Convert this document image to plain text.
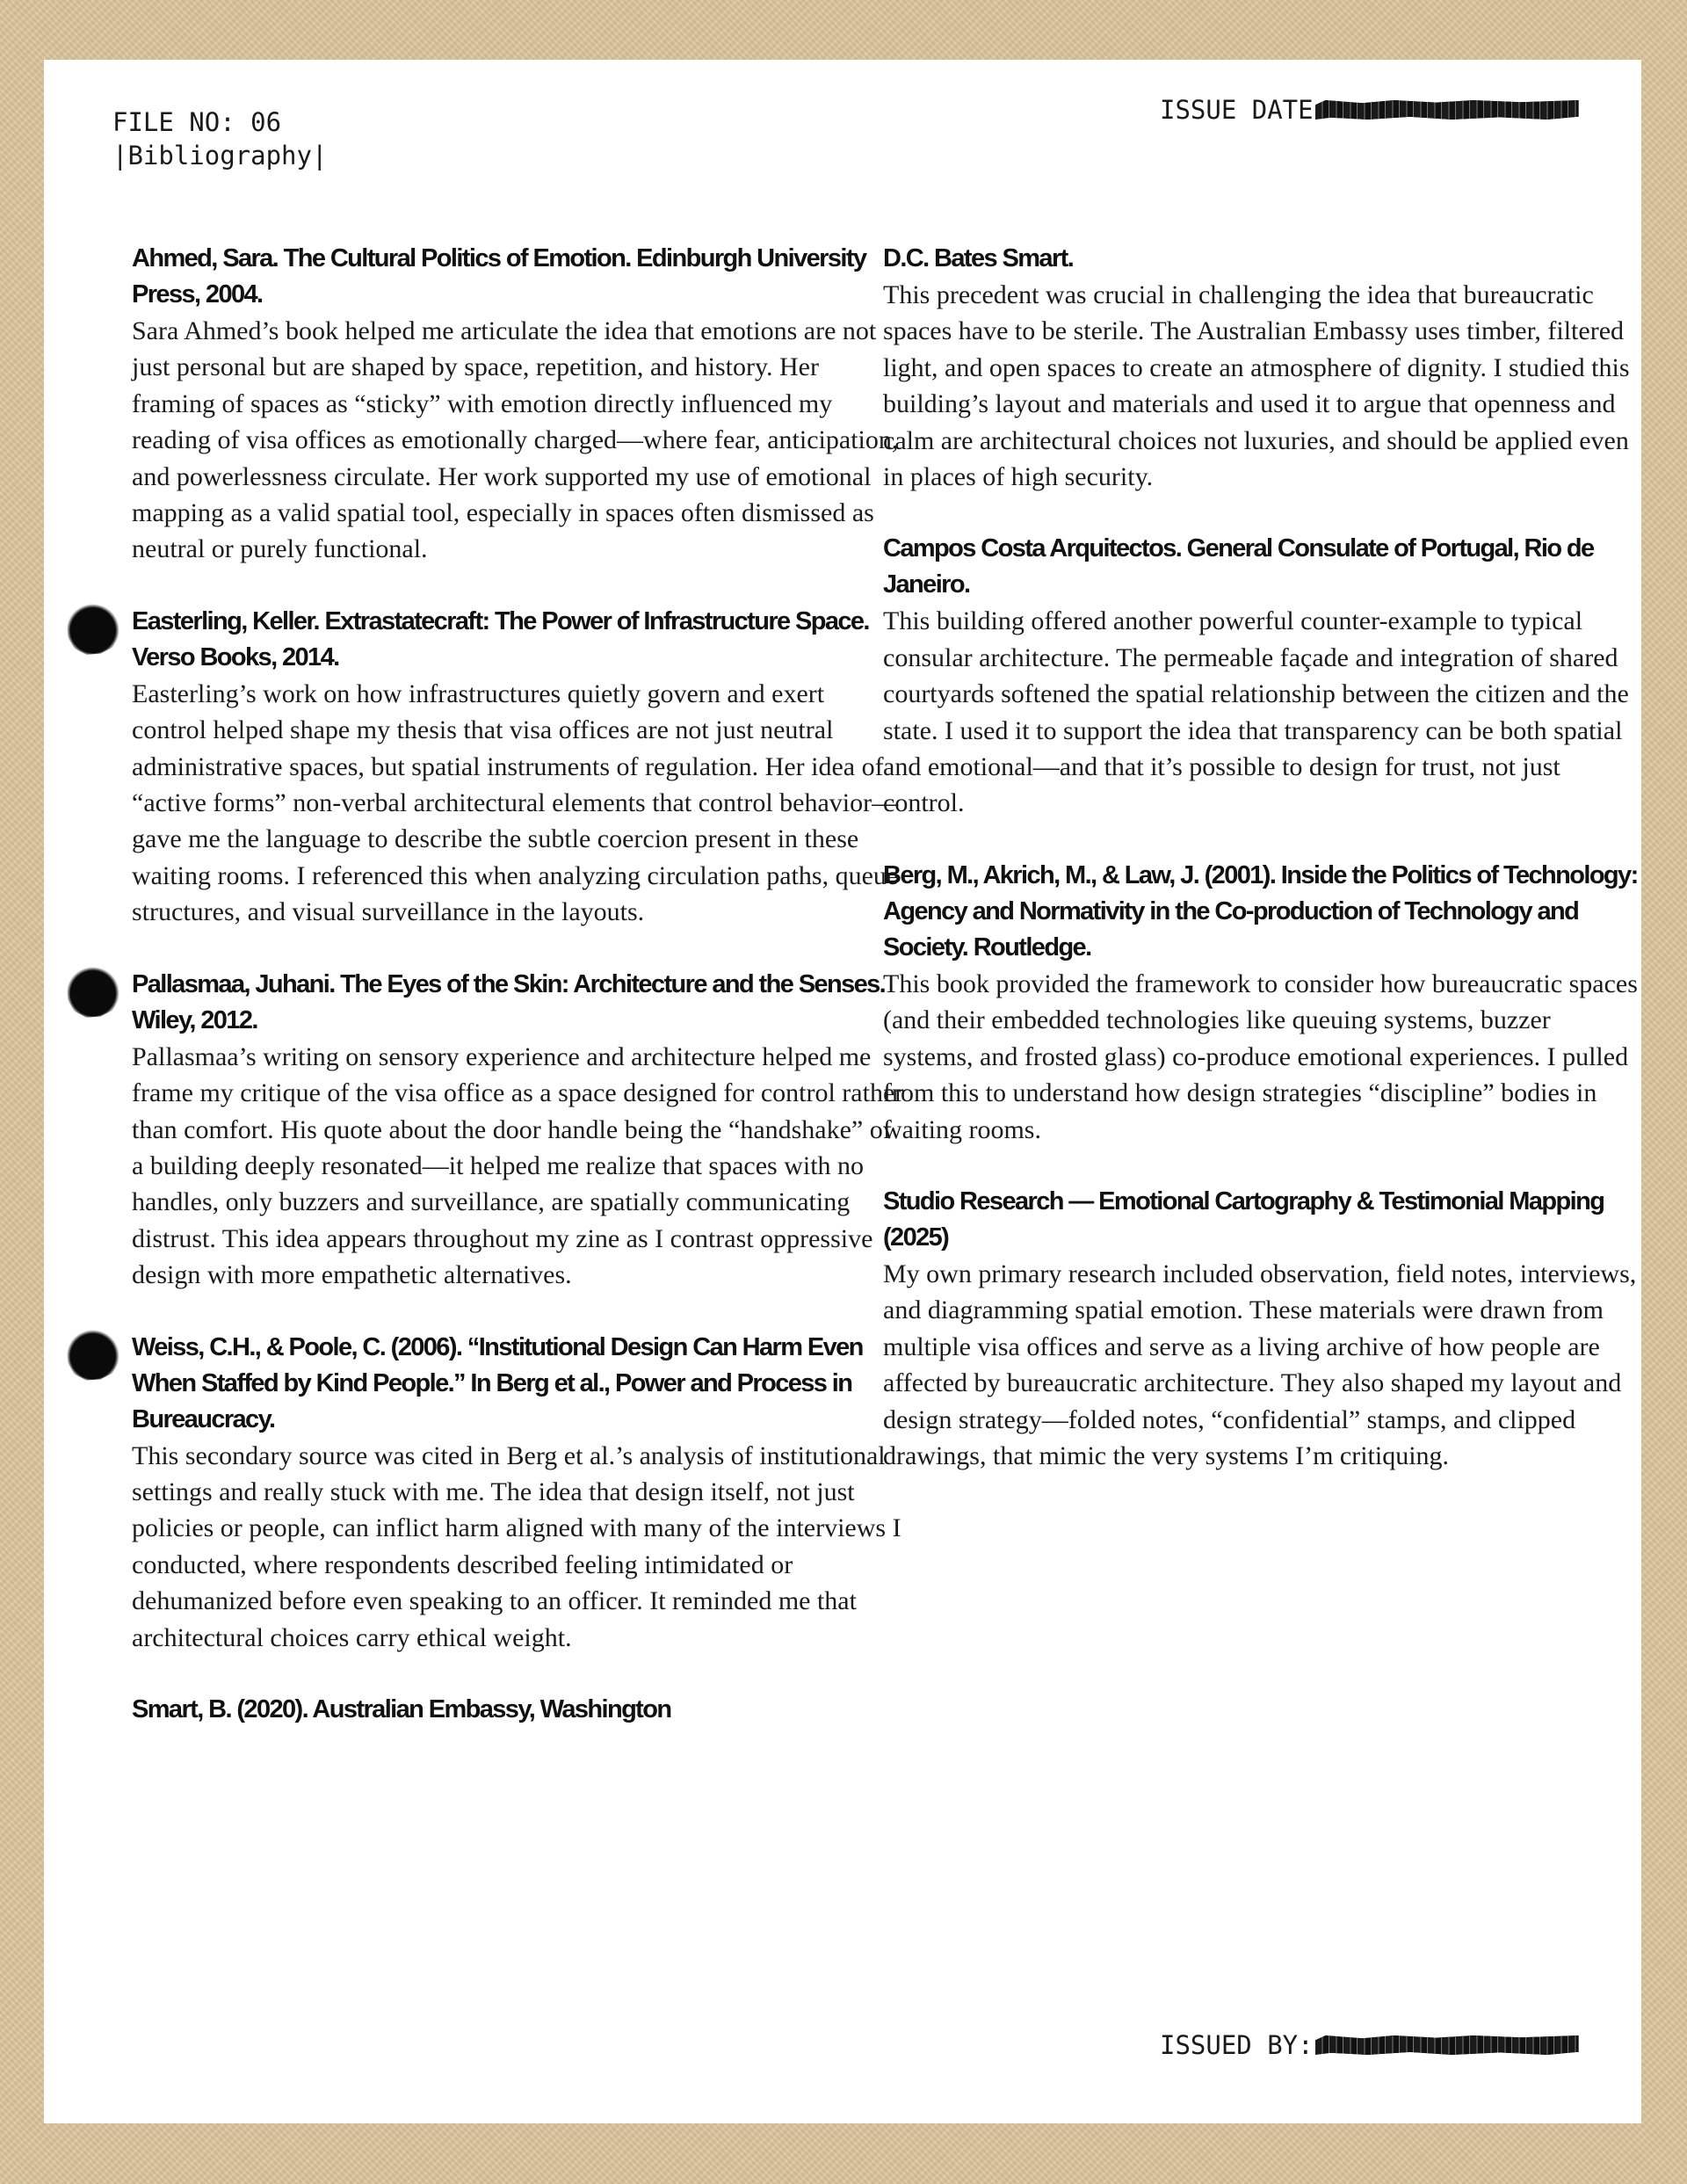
FILE NO: 06
|Bibliography|
ISSUE DATE
Ahmed, Sara. The Cultural Politics of Emotion. Edinburgh University Press, 2004.
Sara Ahmed’s book helped me articulate the idea that emotions are not just personal but are shaped by space, repetition, and history. Her framing of spaces as “sticky” with emotion directly influenced my reading of visa offices as emotionally charged—where fear, anticipation, and powerlessness circulate. Her work supported my use of emotional mapping as a valid spatial tool, especially in spaces often dismissed as neutral or purely functional.
Easterling, Keller. Extrastatecraft: The Power of Infrastructure Space. Verso Books, 2014.
Easterling’s work on how infrastructures quietly govern and exert control helped shape my thesis that visa offices are not just neutral administrative spaces, but spatial instruments of regulation. Her idea of “active forms” non-verbal architectural elements that control behavior—gave me the language to describe the subtle coercion present in these waiting rooms. I referenced this when analyzing circulation paths, queue structures, and visual surveillance in the layouts.
Pallasmaa, Juhani. The Eyes of the Skin: Architecture and the Senses. Wiley, 2012.
Pallasmaa’s writing on sensory experience and architecture helped me frame my critique of the visa office as a space designed for control rather than comfort. His quote about the door handle being the “handshake” of a building deeply resonated—it helped me realize that spaces with no handles, only buzzers and surveillance, are spatially communicating distrust. This idea appears throughout my zine as I contrast oppressive design with more empathetic alternatives.
Weiss, C.H., & Poole, C. (2006). “Institutional Design Can Harm Even When Staffed by Kind People.” In Berg et al., Power and Process in Bureaucracy.
This secondary source was cited in Berg et al.’s analysis of institutional settings and really stuck with me. The idea that design itself, not just policies or people, can inflict harm aligned with many of the interviews I conducted, where respondents described feeling intimidated or dehumanized before even speaking to an officer. It reminded me that architectural choices carry ethical weight.
Smart, B. (2020). Australian Embassy, Washington
D.C. Bates Smart.
This precedent was crucial in challenging the idea that bureaucratic spaces have to be sterile. The Australian Embassy uses timber, filtered light, and open spaces to create an atmosphere of dignity. I studied this building’s layout and materials and used it to argue that openness and calm are architectural choices not luxuries, and should be applied even in places of high security.
Campos Costa Arquitectos. General Consulate of Portugal, Rio de Janeiro.
This building offered another powerful counter-example to typical consular architecture. The permeable façade and integration of shared courtyards softened the spatial relationship between the citizen and the state. I used it to support the idea that transparency can be both spatial and emotional—and that it’s possible to design for trust, not just control.
Berg, M., Akrich, M., & Law, J. (2001). Inside the Politics of Technology: Agency and Normativity in the Co-production of Technology and Society. Routledge.
This book provided the framework to consider how bureaucratic spaces (and their embedded technologies like queuing systems, buzzer systems, and frosted glass) co-produce emotional experiences. I pulled from this to understand how design strategies “discipline” bodies in waiting rooms.
Studio Research — Emotional Cartography & Testimonial Mapping (2025)
My own primary research included observation, field notes, interviews, and diagramming spatial emotion. These materials were drawn from multiple visa offices and serve as a living archive of how people are affected by bureaucratic architecture. They also shaped my layout and design strategy—folded notes, “confidential” stamps, and clipped drawings, that mimic the very systems I’m critiquing.
ISSUED BY:
